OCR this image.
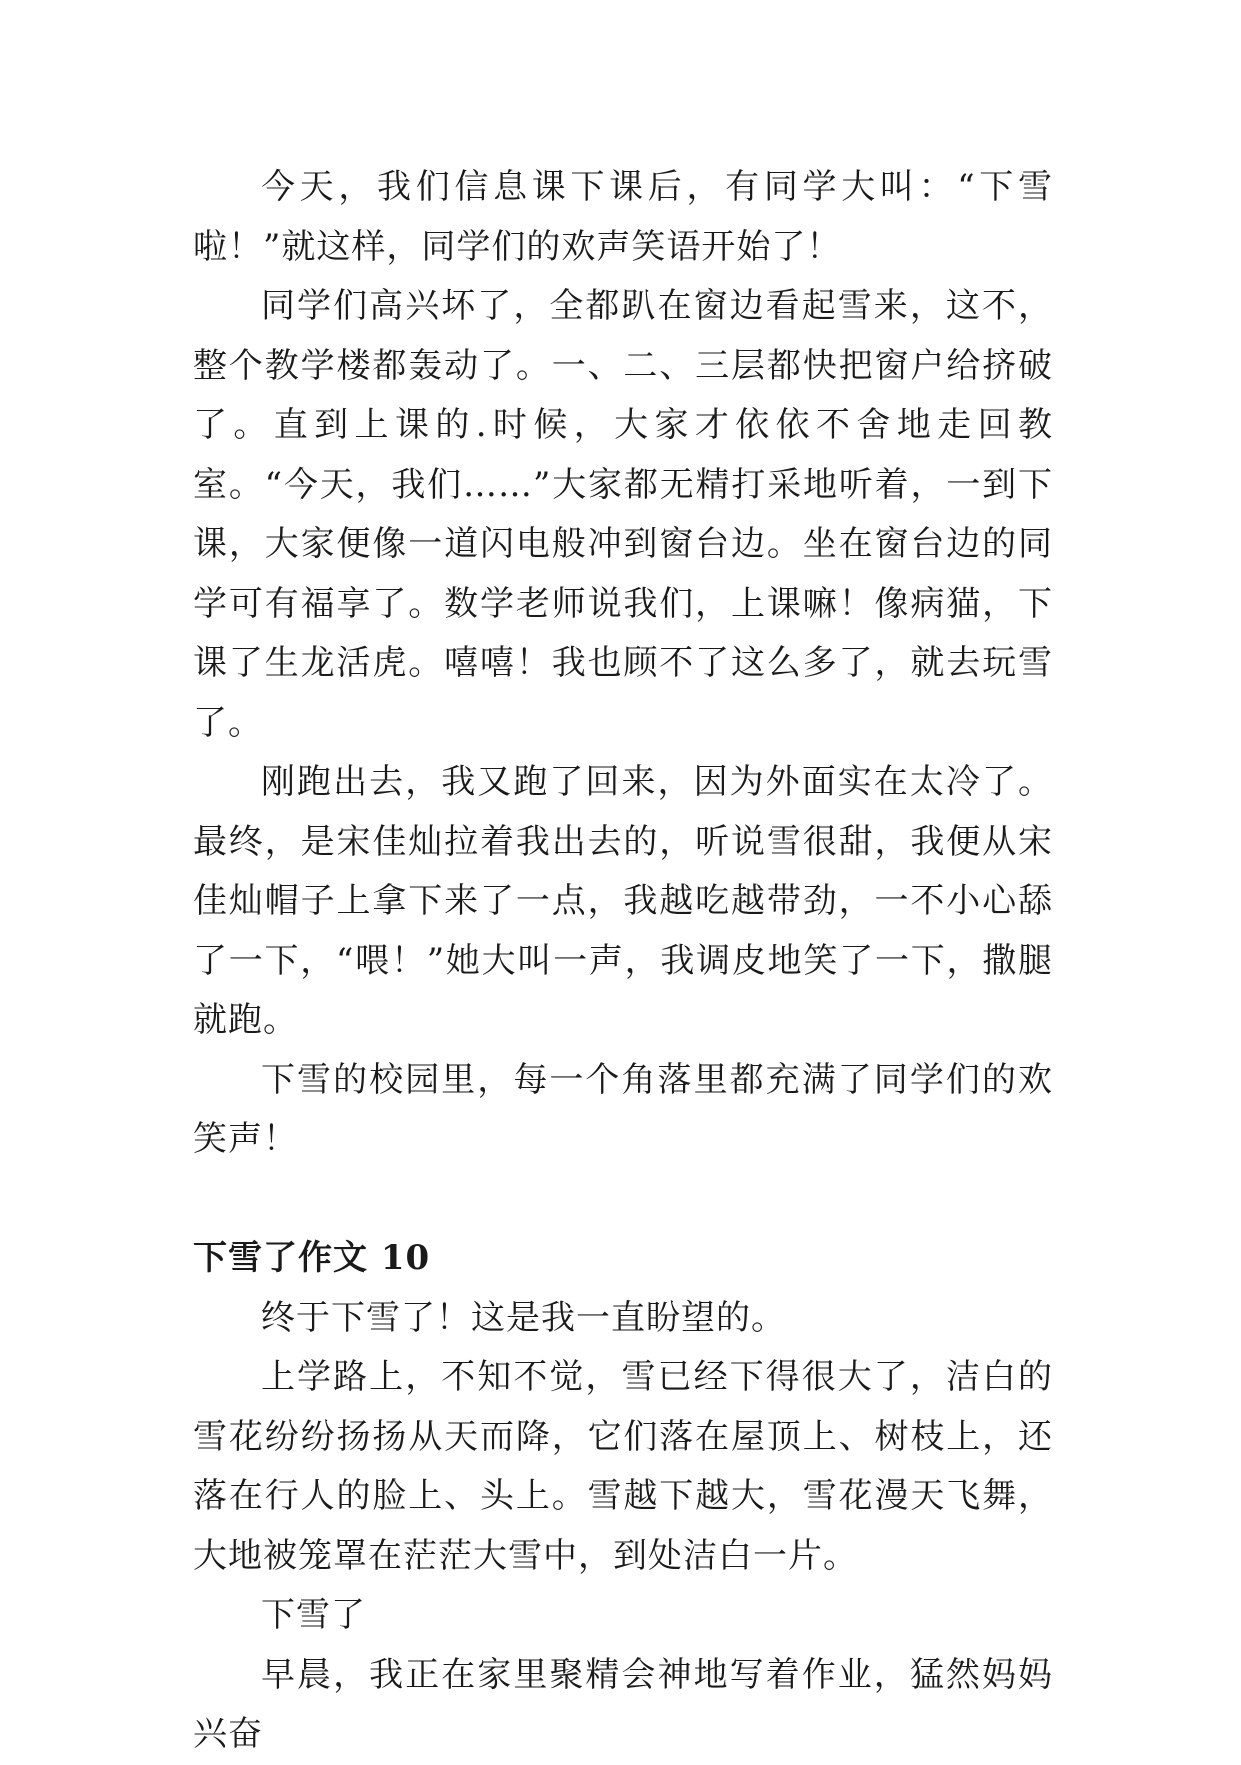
今天，我们信息课下课后，有同学大叫：“下雪啦！”就这样，同学们的欢声笑语开始了！

同学们高兴坏了，全都趴在窗边看起雪来，这不，整个教学楼都轰动了。一、二、三层都快把窗户给挤破了。直到上课的.时候，大家才依依不舍地走回教室。“今天，我们……”大家都无精打采地听着，一到下课，大家便像一道闪电般冲到窗台边。坐在窗台边的同学可有福享了。数学老师说我们，上课嘛！像病猫，下课了生龙活虎。嘻嘻！我也顾不了这么多了，就去玩雪了。

刚跑出去，我又跑了回来，因为外面实在太冷了。最终，是宋佳灿拉着我出去的，听说雪很甜，我便从宋佳灿帽子上拿下来了一点，我越吃越带劲，一不小心舔了一下，“喂！”她大叫一声，我调皮地笑了一下，撒腿就跑。

下雪的校园里，每一个角落里都充满了同学们的欢笑声！

下雪了作文 10

终于下雪了！这是我一直盼望的。

上学路上，不知不觉，雪已经下得很大了，洁白的雪花纷纷扬扬从天而降，它们落在屋顶上、树枝上，还落在行人的脸上、头上。雪越下越大，雪花漫天飞舞，大地被笼罩在茫茫大雪中，到处洁白一片。

下雪了

早晨，我正在家里聚精会神地写着作业，猛然妈妈兴奋
